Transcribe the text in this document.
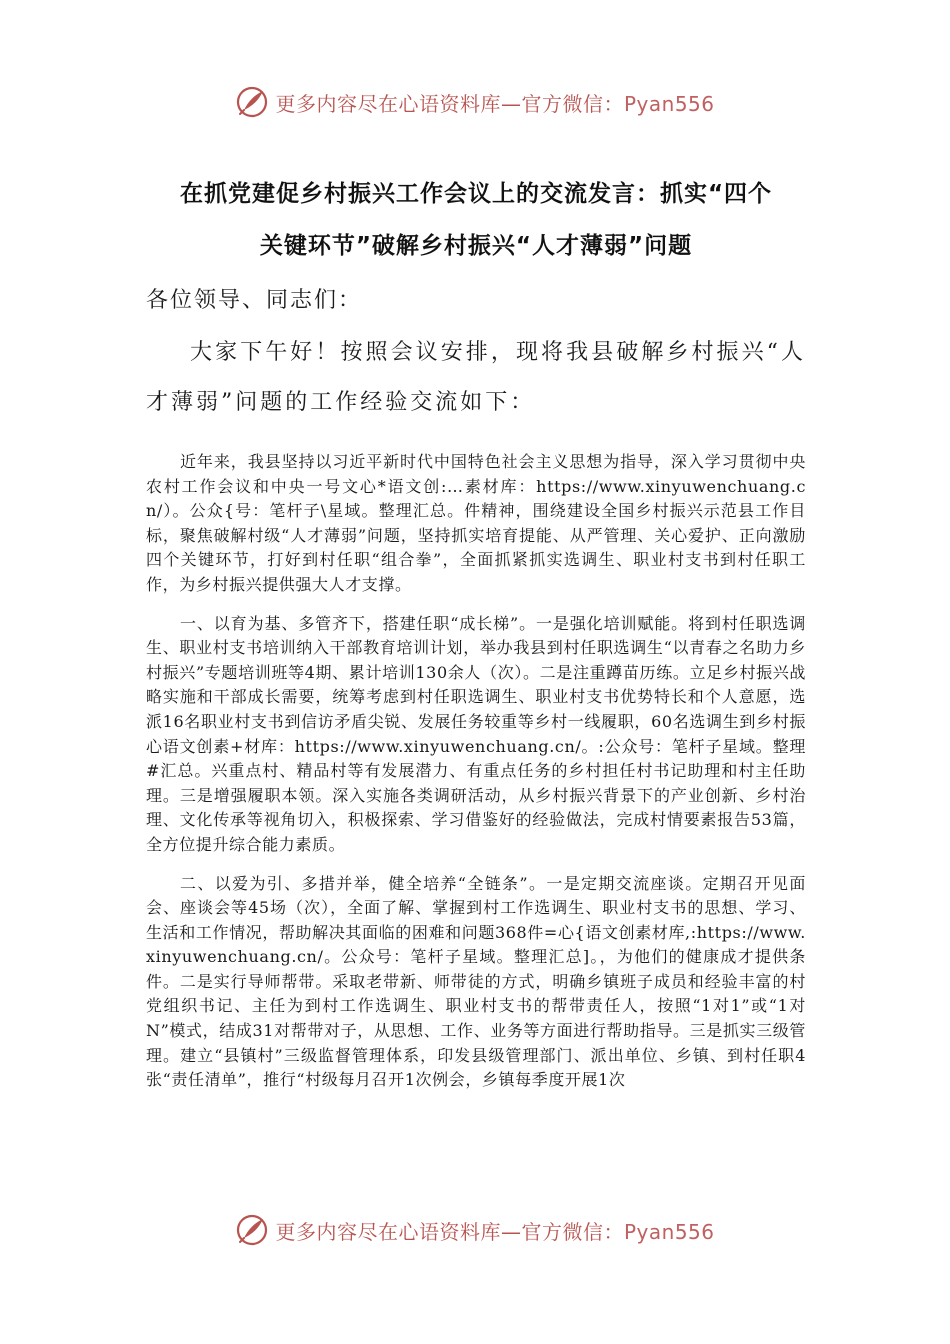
更多内容尽在心语资料库—官方微信：Pyan556

在抓党建促乡村振兴工作会议上的交流发言：抓实“四个
关键环节”破解乡村振兴“人才薄弱”问题

各位领导、同志们：

大家下午好！按照会议安排，现将我县破解乡村振兴“人才薄弱”问题的工作经验交流如下：

近年来，我县坚持以习近平新时代中国特色社会主义思想为指导，深入学习贯彻中央农村工作会议和中央一号文心*语文创:…素材库：https://www.xinyuwenchuang.cn/）。公众{号：笔杆子\星域。整理汇总。件精神，围绕建设全国乡村振兴示范县工作目标，聚焦破解村级“人才薄弱”问题，坚持抓实培育提能、从严管理、关心爱护、正向激励四个关键环节，打好到村任职“组合拳”，全面抓紧抓实选调生、职业村支书到村任职工作，为乡村振兴提供强大人才支撑。

一、以育为基、多管齐下，搭建任职“成长梯”。一是强化培训赋能。将到村任职选调生、职业村支书培训纳入干部教育培训计划，举办我县到村任职选调生“以青春之名助力乡村振兴”专题培训班等4期、累计培训130余人（次）。二是注重蹲苗历练。立足乡村振兴战略实施和干部成长需要，统筹考虑到村任职选调生、职业村支书优势特长和个人意愿，选派16名职业村支书到信访矛盾尖锐、发展任务较重等乡村一线履职，60名选调生到乡村振心语文创素+材库：https://www.xinyuwenchuang.cn/。:公众号：笔杆子星域。整理#汇总。兴重点村、精品村等有发展潜力、有重点任务的乡村担任村书记助理和村主任助理。三是增强履职本领。深入实施各类调研活动，从乡村振兴背景下的产业创新、乡村治理、文化传承等视角切入，积极探索、学习借鉴好的经验做法，完成村情要素报告53篇，全方位提升综合能力素质。

二、以爱为引、多措并举，健全培养“全链条”。一是定期交流座谈。定期召开见面会、座谈会等45场（次），全面了解、掌握到村工作选调生、职业村支书的思想、学习、生活和工作情况，帮助解决其面临的困难和问题368件=心{语文创素材库,:https://www.xinyuwenchuang.cn/。公众号：笔杆子星域。整理汇总]。，为他们的健康成才提供条件。二是实行导师帮带。采取老带新、师带徒的方式，明确乡镇班子成员和经验丰富的村党组织书记、主任为到村工作选调生、职业村支书的帮带责任人，按照“1对1”或“1对N”模式，结成31对帮带对子，从思想、工作、业务等方面进行帮助指导。三是抓实三级管理。建立“县镇村”三级监督管理体系，印发县级管理部门、派出单位、乡镇、到村任职4张“责任清单”，推行“村级每月召开1次例会，乡镇每季度开展1次

更多内容尽在心语资料库—官方微信：Pyan556
